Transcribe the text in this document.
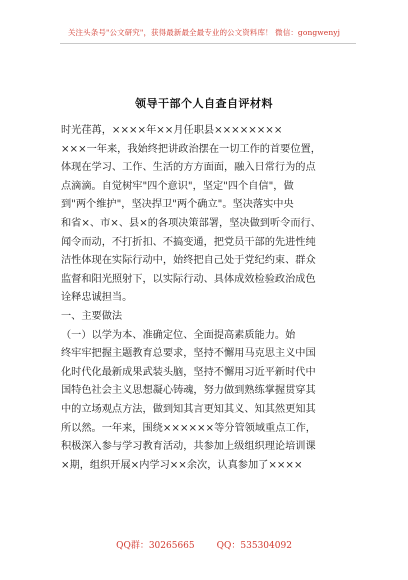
关注头条号"公文研究"，获得最新最全最专业的公文资料库！ 微信：gongwenyj
领导干部个人自查自评材料
时光荏苒，××××年××月任职县××××××××
×××一年来，我始终把讲政治摆在一切工作的首要位置，
体现在学习、工作、生活的方方面面，融入日常行为的点
点滴滴。自觉树牢"四个意识"，坚定"四个自信"，做
到"两个维护"，坚决捍卫"两个确立"。坚决落实中央
和省×、市×、县×的各项决策部署，坚决做到听令而行、
闻令而动，不打折扣、不搞变通，把党员干部的先进性纯
洁性体现在实际行动中，始终把自己处于党纪约束、群众
监督和阳光照射下，以实际行动、具体成效检验政治成色
诠释忠诚担当。
一、主要做法
（一）以学为本、准确定位、全面提高素质能力。始
终牢牢把握主题教育总要求，坚持不懈用马克思主义中国
化时代化最新成果武装头脑，坚持不懈用习近平新时代中
国特色社会主义思想凝心铸魂，努力做到熟练掌握贯穿其
中的立场观点方法，做到知其言更知其义、知其然更知其
所以然。一年来，围绕××××××等分管领域重点工作，
积极深入参与学习教育活动，共参加上级组织理论培训课
×期，组织开展×内学习××余次，认真参加了××××
QQ群：30265665 QQ：535304092
